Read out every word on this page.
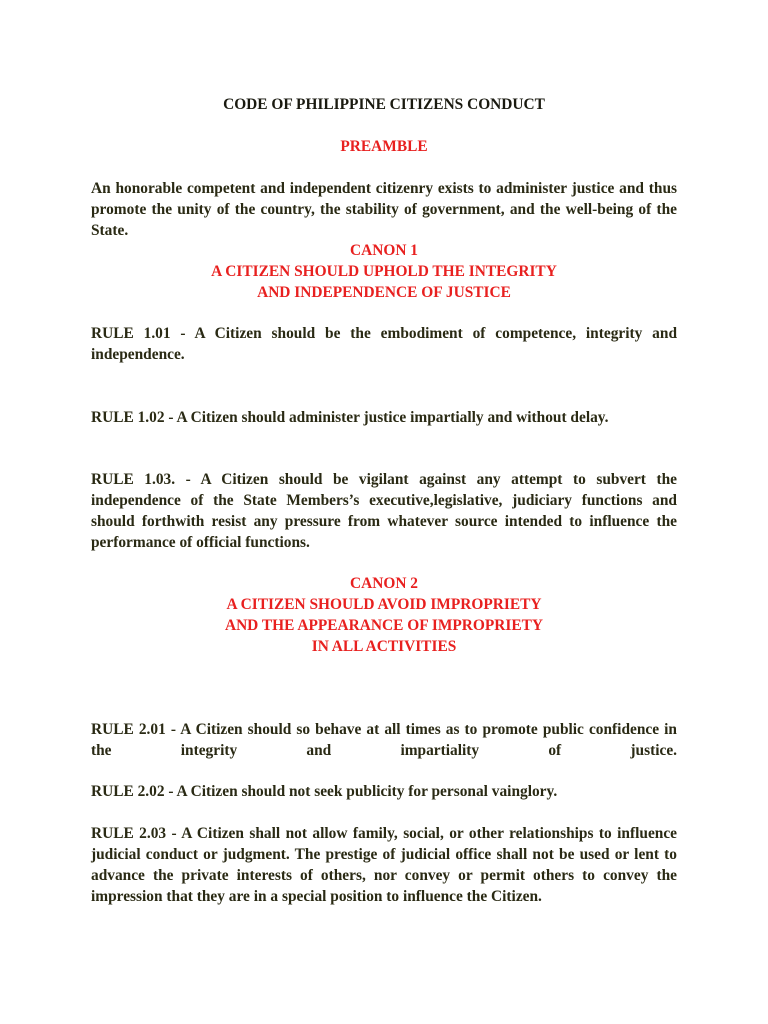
CODE OF PHILIPPINE CITIZENS CONDUCT
PREAMBLE

An honorable competent and independent citizenry exists to administer justice and thus promote the unity of the country, the stability of government, and the well-being of the State.

CANON 1
A CITIZEN SHOULD UPHOLD THE INTEGRITY
AND INDEPENDENCE OF JUSTICE

RULE 1.01 - A Citizen should be the embodiment of competence, integrity and independence.

RULE 1.02 - A Citizen should administer justice impartially and without delay.

RULE 1.03. - A Citizen should be vigilant against any attempt to subvert the independence of the State Members’s executive,legislative, judiciary functions and should forthwith resist any pressure from whatever source intended to influence the performance of official functions.

CANON 2
A CITIZEN SHOULD AVOID IMPROPRIETY
AND THE APPEARANCE OF IMPROPRIETY
IN ALL ACTIVITIES

RULE 2.01 - A Citizen should so behave at all times as to promote public confidence in the integrity and impartiality of justice.

RULE 2.02 - A Citizen should not seek publicity for personal vainglory.

RULE 2.03 - A Citizen shall not allow family, social, or other relationships to influence judicial conduct or judgment. The prestige of judicial office shall not be used or lent to advance the private interests of others, nor convey or permit others to convey the impression that they are in a special position to influence the Citizen.
